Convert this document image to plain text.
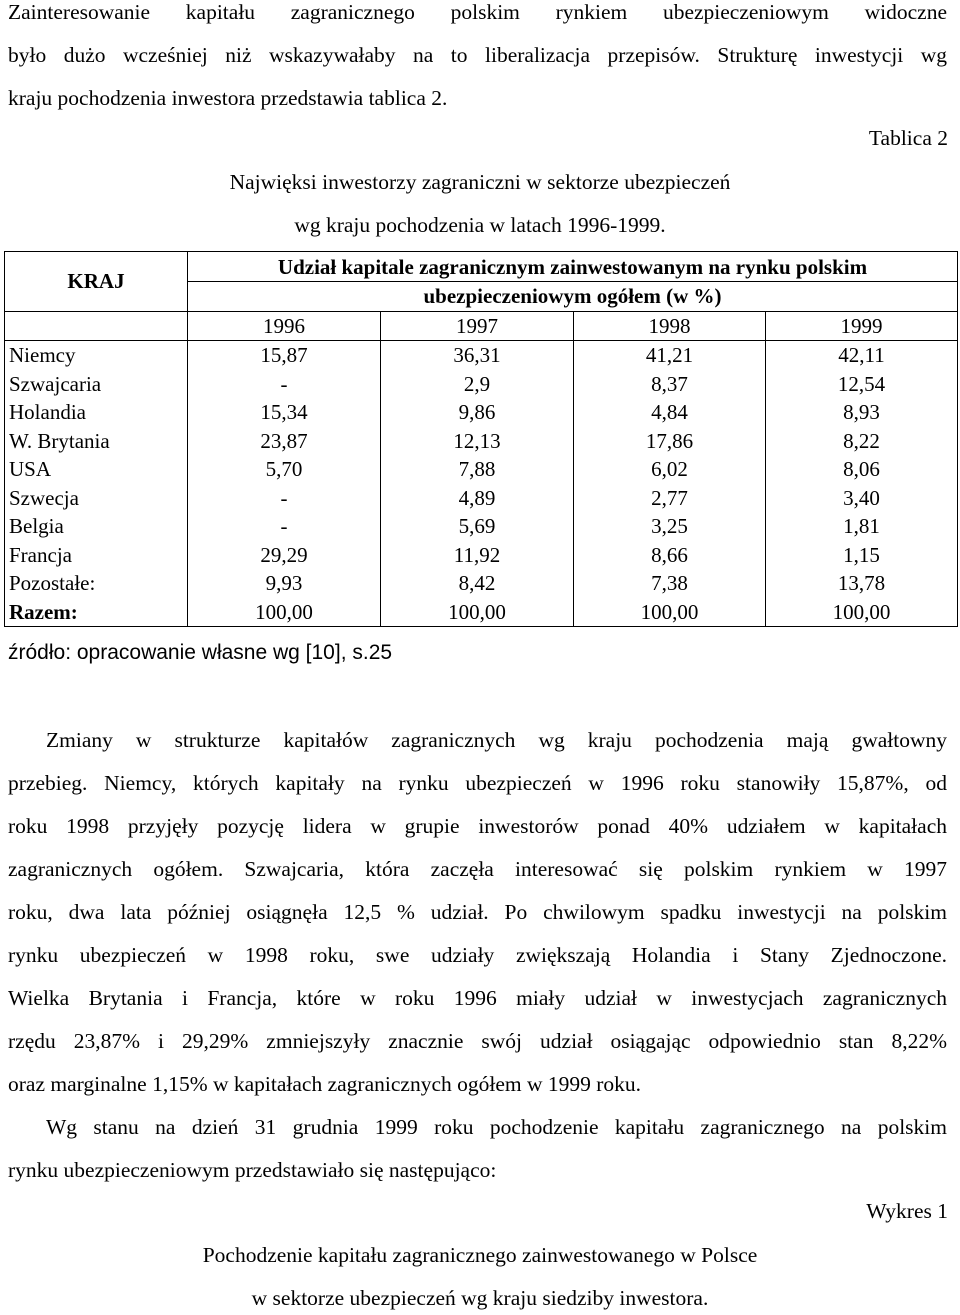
Zainteresowanie kapitału zagranicznego polskim rynkiem ubezpieczeniowym widoczne
było dużo wcześniej niż wskazywałaby na to liberalizacja przepisów. Strukturę inwestycji wg
kraju pochodzenia inwestora przedstawia tablica 2.
Tablica 2
Najwięksi inwestorzy zagraniczni w sektorze ubezpieczeń
wg kraju pochodzenia w latach 1996-1999.
KRAJ	Udział kapitale zagranicznym zainwestowanym na rynku polskim			
	ubezpieczeniowym ogółem (w %)			
	1996	1997	1998	1999
Niemcy	15,87	36,31	41,21	42,11
Szwajcaria	-	2,9	8,37	12,54
Holandia	15,34	9,86	4,84	8,93
W. Brytania	23,87	12,13	17,86	8,22
USA	5,70	7,88	6,02	8,06
Szwecja	-	4,89	2,77	3,40
Belgia	-	5,69	3,25	1,81
Francja	29,29	11,92	8,66	1,15
Pozostałe:	9,93	8,42	7,38	13,78
Razem:	100,00	100,00	100,00	100,00
źródło: opracowanie własne wg [10], s.25
Zmiany w strukturze kapitałów zagranicznych wg kraju pochodzenia mają gwałtowny
przebieg. Niemcy, których kapitały na rynku ubezpieczeń w 1996 roku stanowiły 15,87%, od
roku 1998 przyjęły pozycję lidera w grupie inwestorów ponad 40% udziałem w kapitałach
zagranicznych ogółem. Szwajcaria, która zaczęła interesować się polskim rynkiem w 1997
roku, dwa lata później osiągnęła 12,5 % udział. Po chwilowym spadku inwestycji na polskim
rynku ubezpieczeń w 1998 roku, swe udziały zwiększają Holandia i Stany Zjednoczone.
Wielka Brytania i Francja, które w roku 1996 miały udział w inwestycjach zagranicznych
rzędu 23,87% i 29,29% zmniejszyły znacznie swój udział osiągając odpowiednio stan 8,22%
oraz marginalne 1,15% w kapitałach zagranicznych ogółem w 1999 roku.
Wg stanu na dzień 31 grudnia 1999 roku pochodzenie kapitału zagranicznego na polskim
rynku ubezpieczeniowym przedstawiało się następująco:
Wykres 1
Pochodzenie kapitału zagranicznego zainwestowanego w Polsce
w sektorze ubezpieczeń wg kraju siedziby inwestora.
